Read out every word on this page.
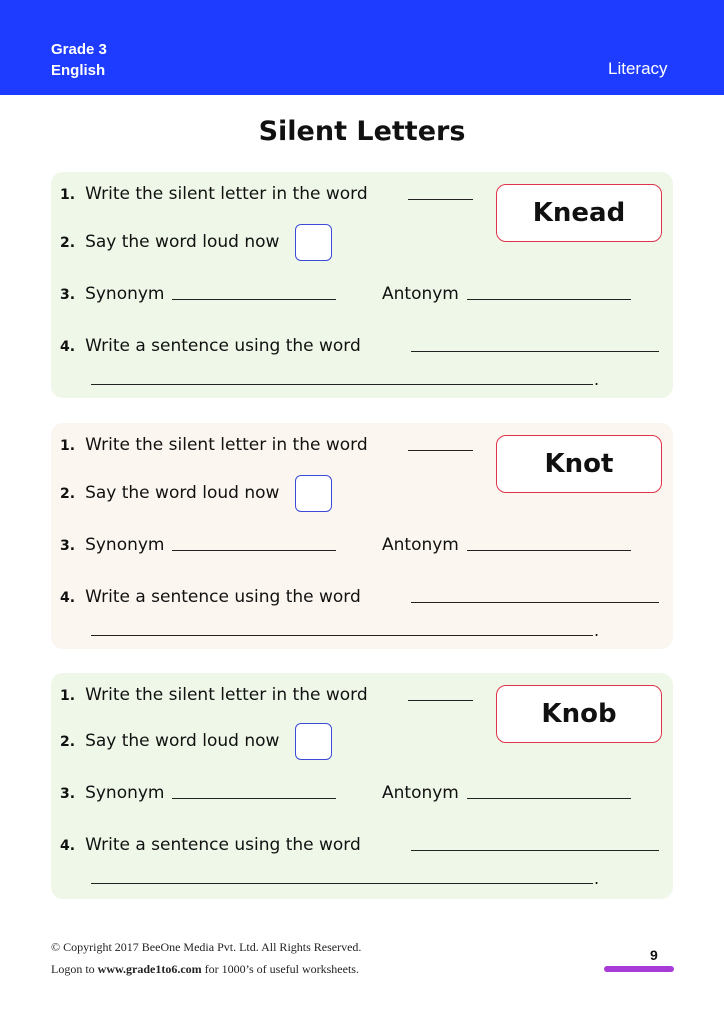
Grade 3
English	Literacy
Silent Letters
1. Write the silent letter in the word
2. Say the word loud now
3. Synonym	Antonym
4. Write a sentence using the word
.
Knead
1. Write the silent letter in the word
2. Say the word loud now
3. Synonym	Antonym
4. Write a sentence using the word
.
Knot
1. Write the silent letter in the word
2. Say the word loud now
3. Synonym	Antonym
4. Write a sentence using the word
.
Knob
© Copyright 2017 BeeOne Media Pvt. Ltd. All Rights Reserved.
Logon to www.grade1to6.com for 1000’s of useful worksheets.
9
